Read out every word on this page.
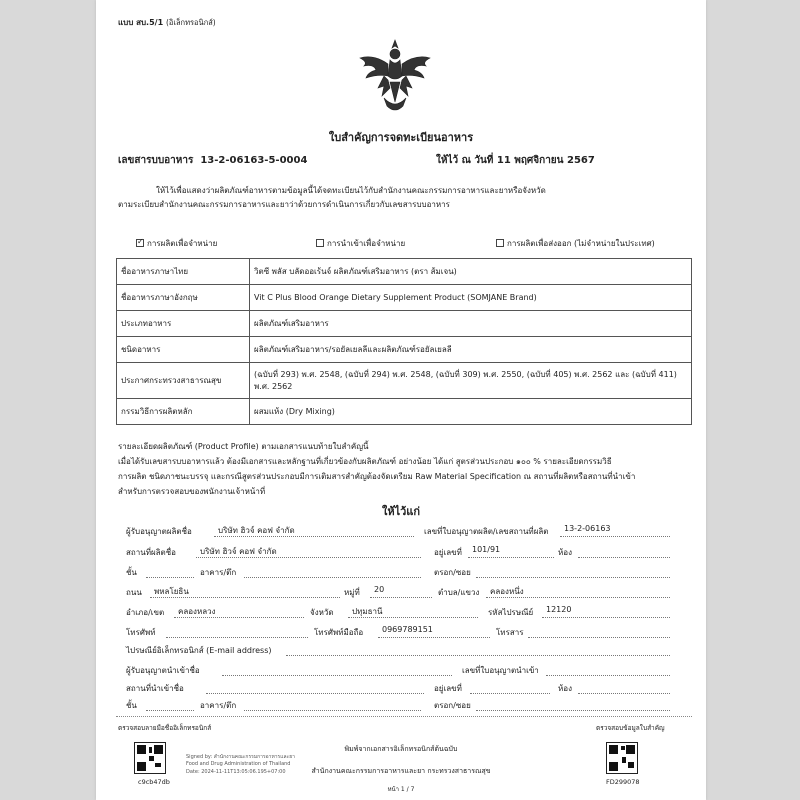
แบบ สบ.5/1 (อิเล็กทรอนิกส์)
ใบสำคัญการจดทะเบียนอาหาร
เลขสารบบอาหาร 13-2-06163-5-0004	ให้ไว้ ณ วันที่ 11 พฤศจิกายน 2567
ให้ไว้เพื่อแสดงว่าผลิตภัณฑ์อาหารตามข้อมูลนี้ได้จดทะเบียนไว้กับสำนักงานคณะกรรมการอาหารและยาหรือจังหวัด
ตามระเบียบสำนักงานคณะกรรมการอาหารและยาว่าด้วยการดำเนินการเกี่ยวกับเลขสารบบอาหาร
✓การผลิตเพื่อจำหน่าย	การนำเข้าเพื่อจำหน่าย	การผลิตเพื่อส่งออก (ไม่จำหน่ายในประเทศ)
ชื่ออาหารภาษาไทย	วิตซี พลัส บลัดออเร้นจ์ ผลิตภัณฑ์เสริมอาหาร (ตรา ส้มเจน)
ชื่ออาหารภาษาอังกฤษ	Vit C Plus Blood Orange Dietary Supplement Product (SOMJANE Brand)
ประเภทอาหาร	ผลิตภัณฑ์เสริมอาหาร
ชนิดอาหาร	ผลิตภัณฑ์เสริมอาหาร/รอยัลเยลลีและผลิตภัณฑ์รอยัลเยลลี
ประกาศกระทรวงสาธารณสุข	(ฉบับที่ 293) พ.ศ. 2548, (ฉบับที่ 294) พ.ศ. 2548, (ฉบับที่ 309) พ.ศ. 2550, (ฉบับที่ 405) พ.ศ. 2562 และ (ฉบับที่ 411) พ.ศ. 2562
กรรมวิธีการผลิตหลัก	ผสมแห้ง (Dry Mixing)
รายละเอียดผลิตภัณฑ์ (Product Profile) ตามเอกสารแนบท้ายใบสำคัญนี้
เมื่อได้รับเลขสารบบอาหารแล้ว ต้องมีเอกสารและหลักฐานที่เกี่ยวข้องกับผลิตภัณฑ์ อย่างน้อย ได้แก่ สูตรส่วนประกอบ ๑๐๐ % รายละเอียดกรรมวิธี
การผลิต ชนิดภาชนะบรรจุ และกรณีสูตรส่วนประกอบมีการเติมสารสำคัญต้องจัดเตรียม Raw Material Specification ณ สถานที่ผลิตหรือสถานที่นำเข้า
สำหรับการตรวจสอบของพนักงานเจ้าหน้าที่
ให้ไว้แก่
ผู้รับอนุญาตผลิตชื่อ	บริษัท ฮิวจ์ คอฟ จำกัด	เลขที่ใบอนุญาตผลิต/เลขสถานที่ผลิต 13-2-06163
สถานที่ผลิตชื่อ	บริษัท ฮิวจ์ คอฟ จำกัด	อยู่เลขที่ 101/91	ห้อง
ชั้น	อาคาร/ตึก	ตรอก/ซอย
ถนน พหลโยธิน	หมู่ที่ 20	ตำบล/แขวง คลองหนึ่ง
อำเภอ/เขต คลองหลวง	จังหวัด ปทุมธานี	รหัสไปรษณีย์ 12120
โทรศัพท์	โทรศัพท์มือถือ 0969789151	โทรสาร
ไปรษณีย์อิเล็กทรอนิกส์ (E-mail address)
ผู้รับอนุญาตนำเข้าชื่อ	เลขที่ใบอนุญาตนำเข้า
สถานที่นำเข้าชื่อ	อยู่เลขที่	ห้อง
ชั้น	อาคาร/ตึก	ตรอก/ซอย
ตรวจสอบลายมือชื่ออิเล็กทรอนิกส์	ตรวจสอบข้อมูลใบสำคัญ
c9cb47db
Signed by: สำนักงานคณะกรรมการอาหารและยา
Food and Drug Administration of Thailand
Date: 2024-11-11T13:05:06.195+07:00
พิมพ์จากเอกสารอิเล็กทรอนิกส์ต้นฉบับ
สำนักงานคณะกรรมการอาหารและยา กระทรวงสาธารณสุข
หน้า 1 / 7
FD299078
